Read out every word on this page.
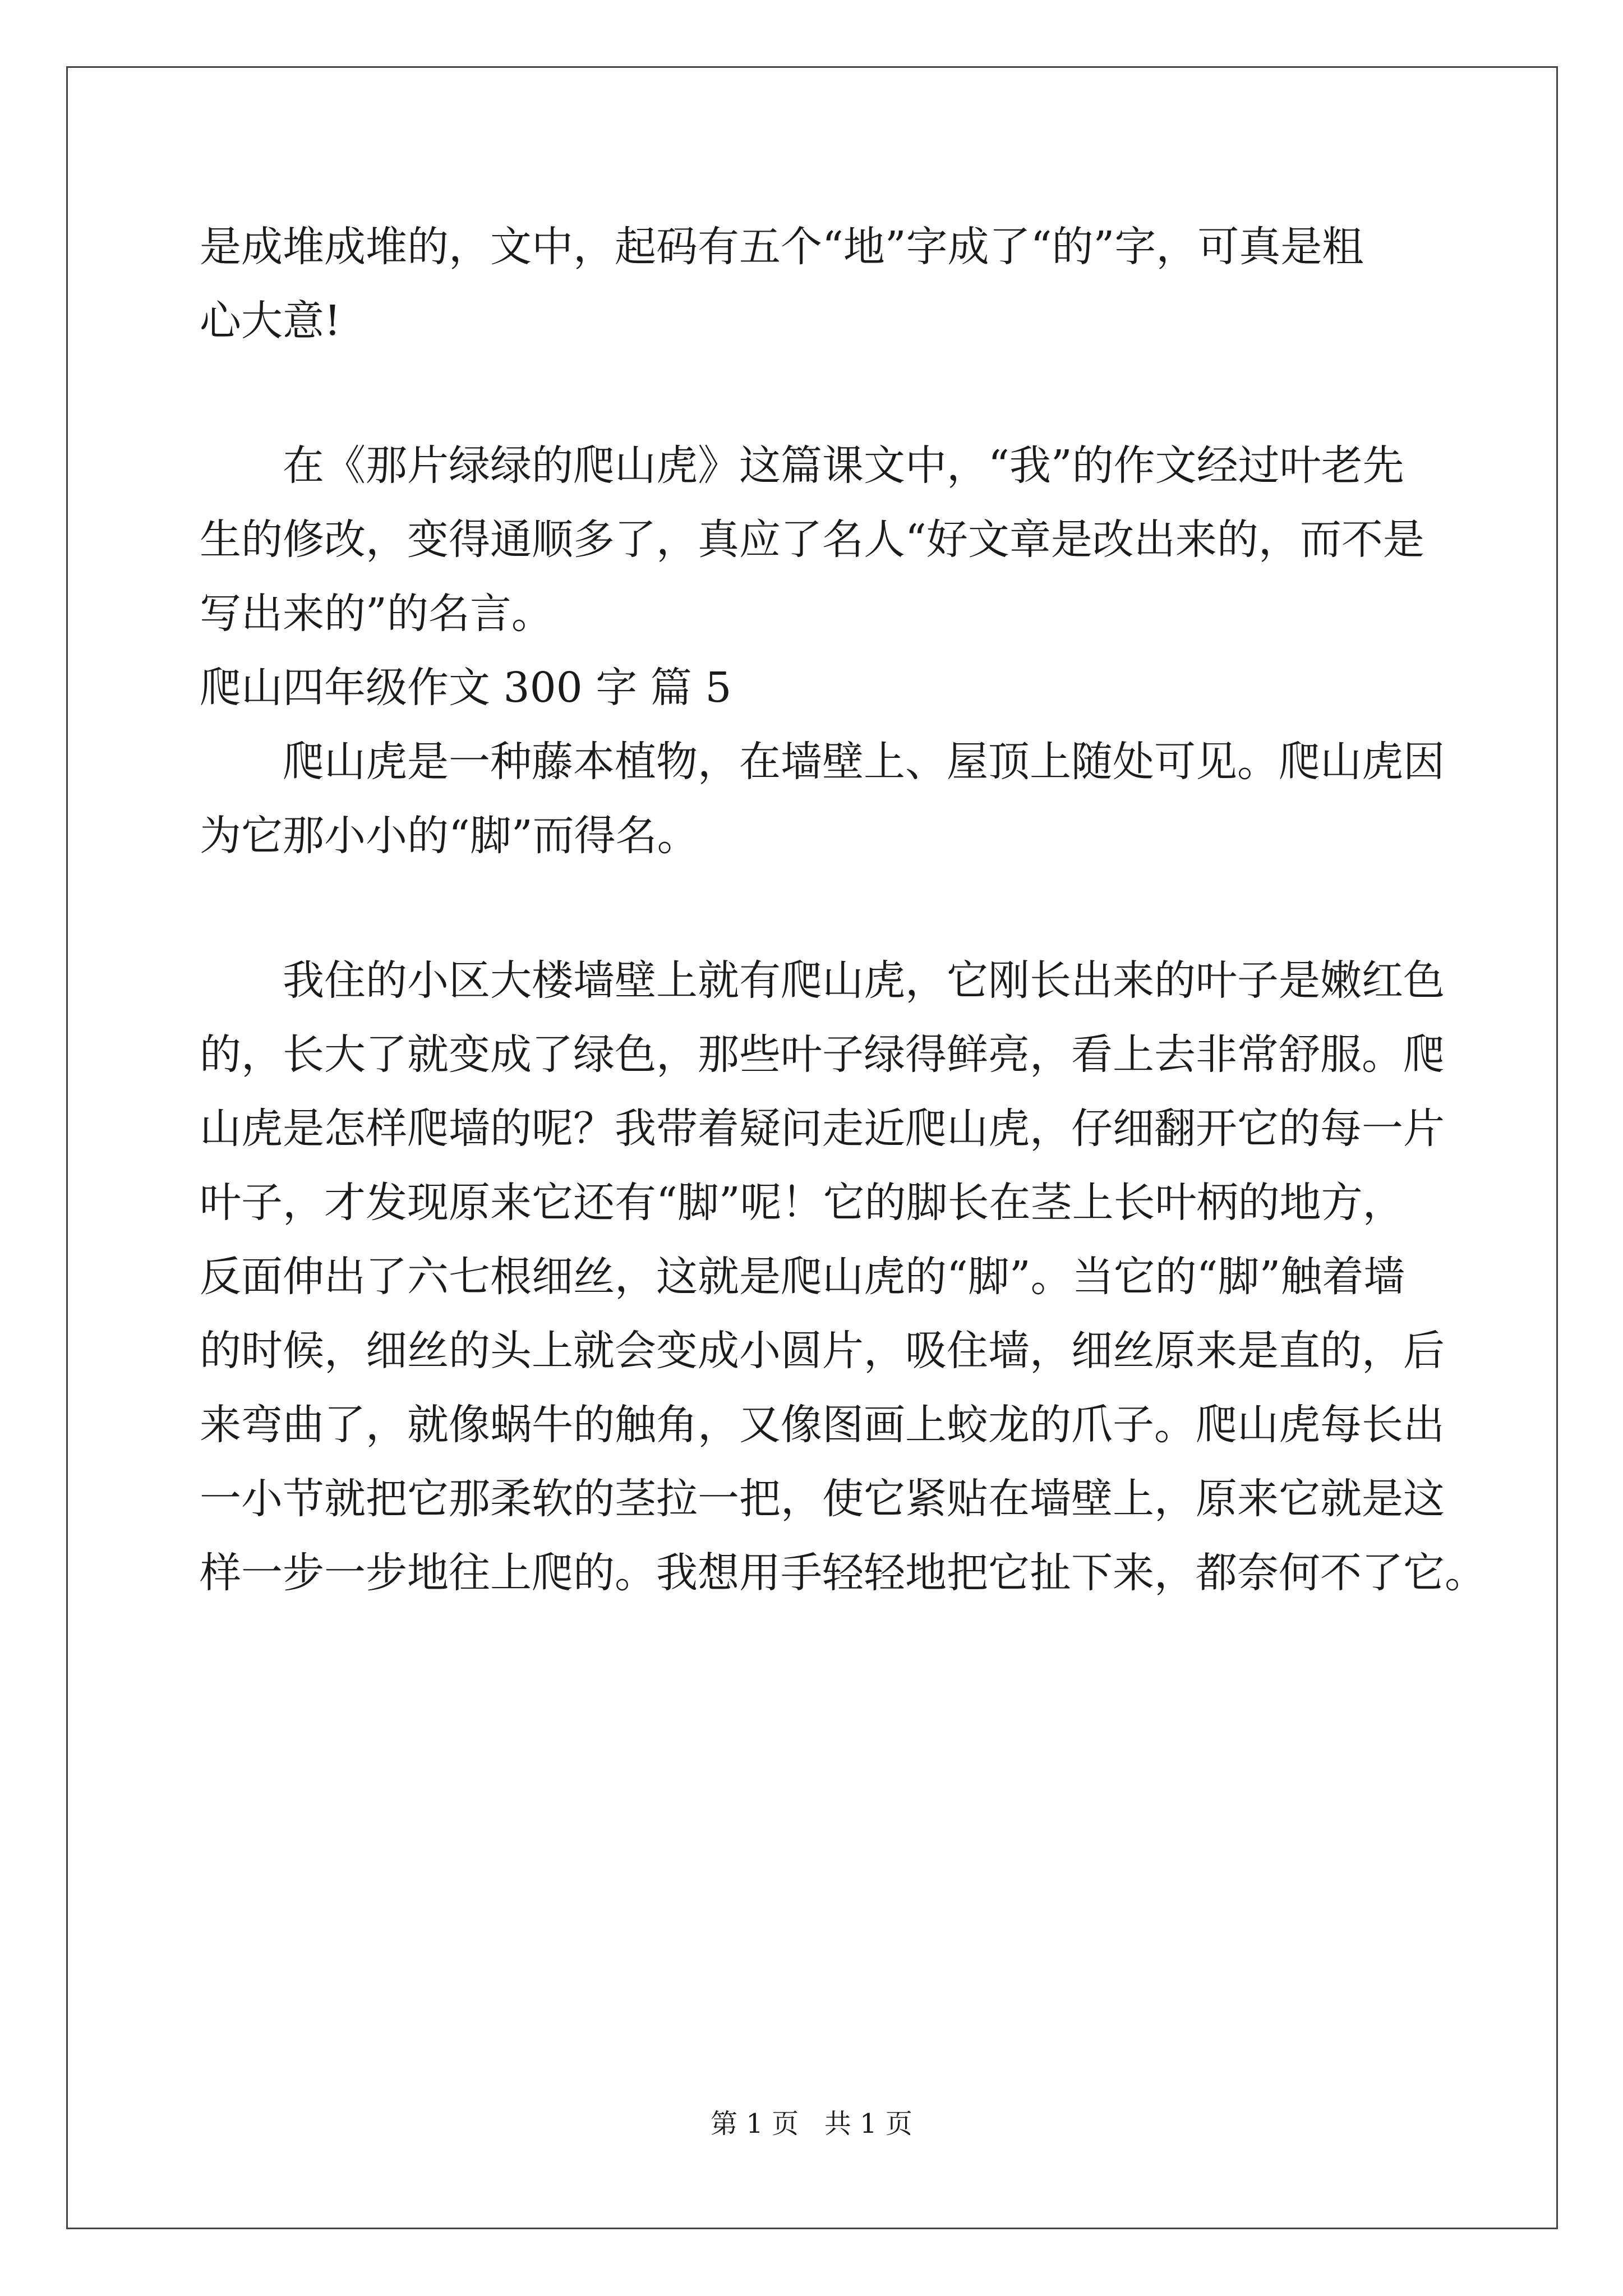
是成堆成堆的，文中，起码有五个“地”字成了“的”字，可真是粗
心大意!
在《那片绿绿的爬山虎》这篇课文中，“我”的作文经过叶老先
生的修改，变得通顺多了，真应了名人“好文章是改出来的，而不是
写出来的”的名言。
爬山四年级作文 300 字 篇 5
爬山虎是一种藤本植物，在墙壁上、屋顶上随处可见。爬山虎因
为它那小小的“脚”而得名。
我住的小区大楼墙壁上就有爬山虎，它刚长出来的叶子是嫩红色
的，长大了就变成了绿色，那些叶子绿得鲜亮，看上去非常舒服。爬
山虎是怎样爬墙的呢？我带着疑问走近爬山虎，仔细翻开它的每一片
叶子，才发现原来它还有“脚”呢！它的脚长在茎上长叶柄的地方，
反面伸出了六七根细丝，这就是爬山虎的“脚”。当它的“脚”触着墙
的时候，细丝的头上就会变成小圆片，吸住墙，细丝原来是直的，后
来弯曲了，就像蜗牛的触角，又像图画上蛟龙的爪子。爬山虎每长出
一小节就把它那柔软的茎拉一把，使它紧贴在墙壁上，原来它就是这
样一步一步地往上爬的。我想用手轻轻地把它扯下来，都奈何不了它。
第 1 页   共 1 页
